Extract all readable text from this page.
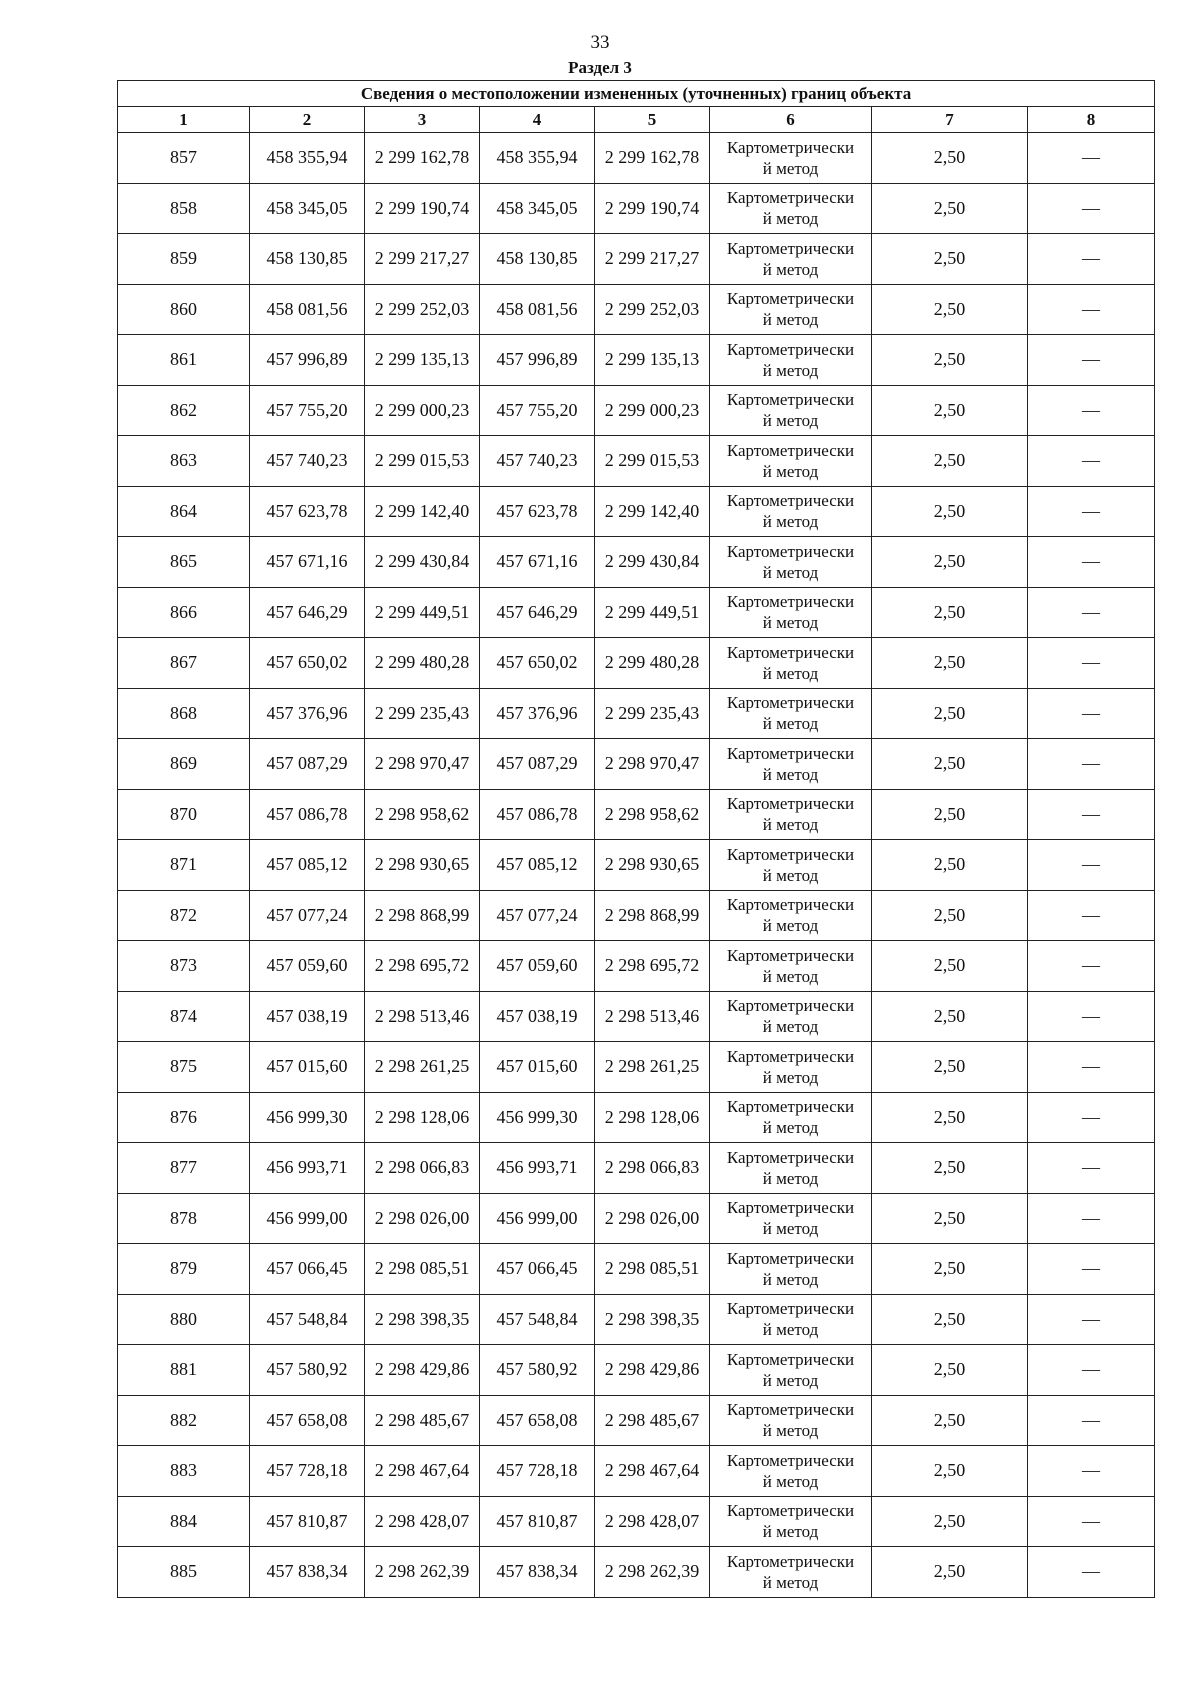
33
Раздел 3
Сведения о местоположении измененных (уточненных) границ объекта							
1	2	3	4	5	6	7	8
857	458 355,94	2 299 162,78	458 355,94	2 299 162,78	Картометрически
й метод	2,50	—
858	458 345,05	2 299 190,74	458 345,05	2 299 190,74	Картометрически
й метод	2,50	—
859	458 130,85	2 299 217,27	458 130,85	2 299 217,27	Картометрически
й метод	2,50	—
860	458 081,56	2 299 252,03	458 081,56	2 299 252,03	Картометрически
й метод	2,50	—
861	457 996,89	2 299 135,13	457 996,89	2 299 135,13	Картометрически
й метод	2,50	—
862	457 755,20	2 299 000,23	457 755,20	2 299 000,23	Картометрически
й метод	2,50	—
863	457 740,23	2 299 015,53	457 740,23	2 299 015,53	Картометрически
й метод	2,50	—
864	457 623,78	2 299 142,40	457 623,78	2 299 142,40	Картометрически
й метод	2,50	—
865	457 671,16	2 299 430,84	457 671,16	2 299 430,84	Картометрически
й метод	2,50	—
866	457 646,29	2 299 449,51	457 646,29	2 299 449,51	Картометрически
й метод	2,50	—
867	457 650,02	2 299 480,28	457 650,02	2 299 480,28	Картометрически
й метод	2,50	—
868	457 376,96	2 299 235,43	457 376,96	2 299 235,43	Картометрически
й метод	2,50	—
869	457 087,29	2 298 970,47	457 087,29	2 298 970,47	Картометрически
й метод	2,50	—
870	457 086,78	2 298 958,62	457 086,78	2 298 958,62	Картометрически
й метод	2,50	—
871	457 085,12	2 298 930,65	457 085,12	2 298 930,65	Картометрически
й метод	2,50	—
872	457 077,24	2 298 868,99	457 077,24	2 298 868,99	Картометрически
й метод	2,50	—
873	457 059,60	2 298 695,72	457 059,60	2 298 695,72	Картометрически
й метод	2,50	—
874	457 038,19	2 298 513,46	457 038,19	2 298 513,46	Картометрически
й метод	2,50	—
875	457 015,60	2 298 261,25	457 015,60	2 298 261,25	Картометрически
й метод	2,50	—
876	456 999,30	2 298 128,06	456 999,30	2 298 128,06	Картометрически
й метод	2,50	—
877	456 993,71	2 298 066,83	456 993,71	2 298 066,83	Картометрически
й метод	2,50	—
878	456 999,00	2 298 026,00	456 999,00	2 298 026,00	Картометрически
й метод	2,50	—
879	457 066,45	2 298 085,51	457 066,45	2 298 085,51	Картометрически
й метод	2,50	—
880	457 548,84	2 298 398,35	457 548,84	2 298 398,35	Картометрически
й метод	2,50	—
881	457 580,92	2 298 429,86	457 580,92	2 298 429,86	Картометрически
й метод	2,50	—
882	457 658,08	2 298 485,67	457 658,08	2 298 485,67	Картометрически
й метод	2,50	—
883	457 728,18	2 298 467,64	457 728,18	2 298 467,64	Картометрически
й метод	2,50	—
884	457 810,87	2 298 428,07	457 810,87	2 298 428,07	Картометрически
й метод	2,50	—
885	457 838,34	2 298 262,39	457 838,34	2 298 262,39	Картометрически
й метод	2,50	—
